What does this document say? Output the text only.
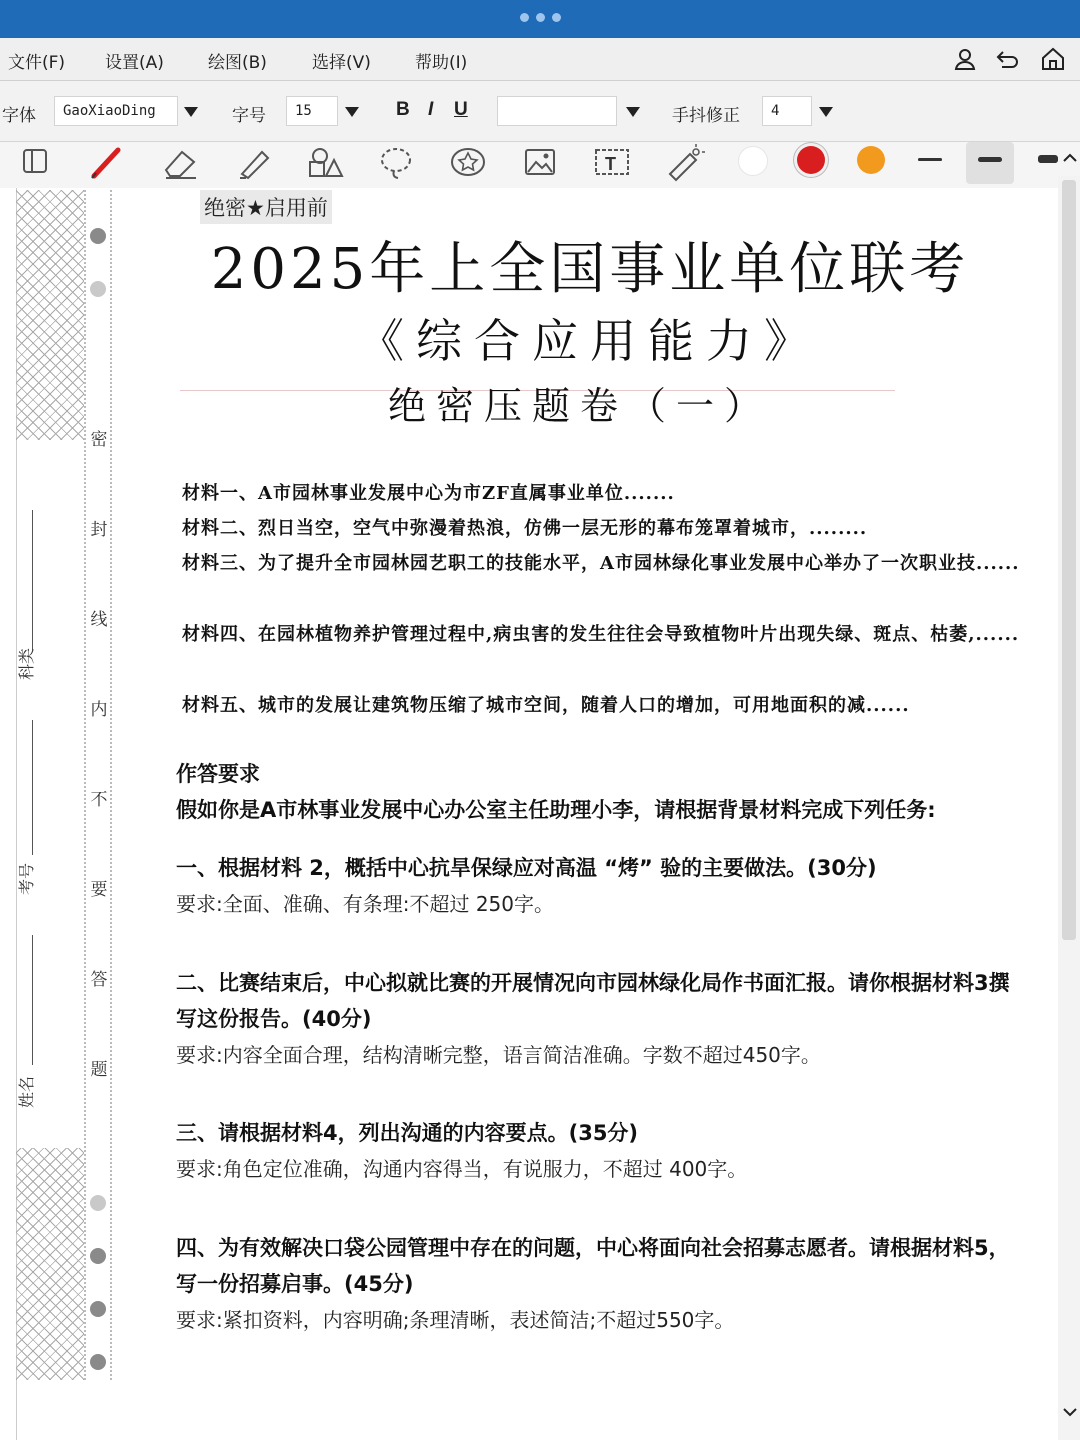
文件(F) 设置(A)	绘图(B)	选择(V)	帮助(I)
字体	GaoXiaoDing	字号	15	B I U	手抖修正	4
T
密
封
线
内
不
要
答
题
科类
考号
姓名
绝密★启用前
2025年上全国事业单位联考
《综合应用能力》
绝密压题卷（一）
材料一、A市园林事业发展中心为市ZF直属事业单位.......
材料二、烈日当空，空气中弥漫着热浪，仿佛一层无形的幕布笼罩着城市，........
材料三、为了提升全市园林园艺职工的技能水平，A市园林绿化事业发展中心举办了一次职业技......
材料四、在园林植物养护管理过程中,病虫害的发生往往会导致植物叶片出现失绿、斑点、枯萎,......
材料五、城市的发展让建筑物压缩了城市空间，随着人口的增加，可用地面积的减......
作答要求
假如你是A市林事业发展中心办公室主任助理小李，请根据背景材料完成下列任务:
一、根据材料 2，概括中心抗旱保绿应对高温 “烤” 验的主要做法。(30分)
要求:全面、准确、有条理:不超过 250字。
二、比赛结束后，中心拟就比赛的开展情况向市园林绿化局作书面汇报。请你根据材料3撰写这份报告。(40分)
要求:内容全面合理，结构清晰完整，语言简洁准确。字数不超过450字。
三、请根据材料4，列出沟通的内容要点。(35分)
要求:角色定位准确，沟通内容得当，有说服力，不超过 400字。
四、为有效解决口袋公园管理中存在的问题，中心将面向社会招募志愿者。请根据材料5，写一份招募启事。(45分)
要求:紧扣资料，内容明确;条理清晰，表述简洁;不超过550字。
